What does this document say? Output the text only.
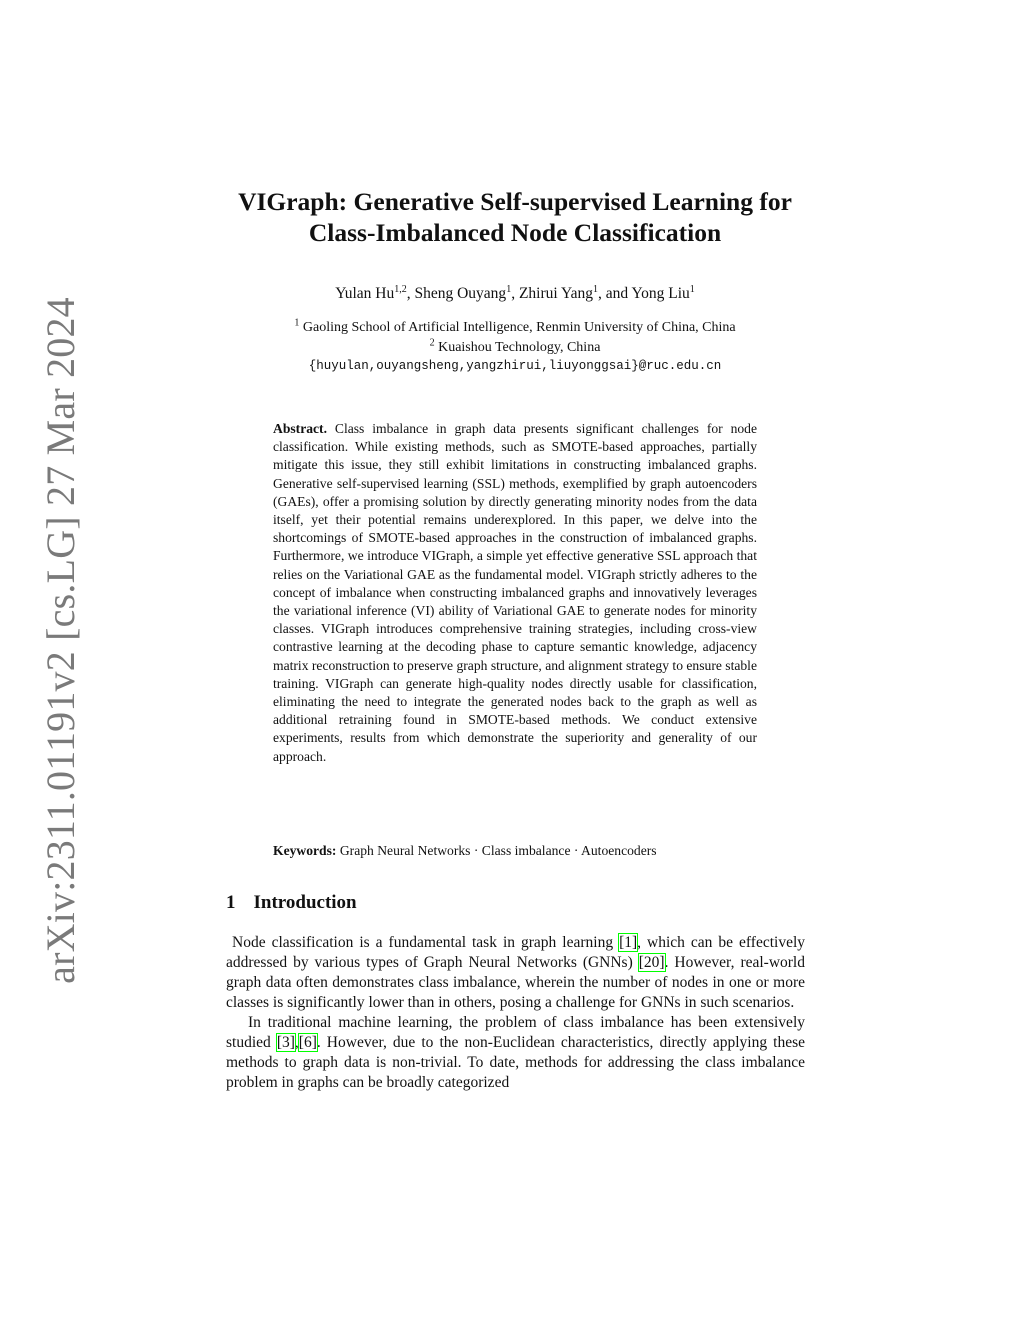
arXiv:2311.01191v2 [cs.LG] 27 Mar 2024
VIGraph: Generative Self-supervised Learning for
Class-Imbalanced Node Classification
Yulan Hu$^{1,2}$, Sheng Ouyang$^1$, Zhirui Yang$^1$, and Yong Liu$^1$
$^1$ Gaoling School of Artificial Intelligence, Renmin University of China, China
$^2$ Kuaishou Technology, China
{huyulan,ouyangsheng,yangzhirui,liuyonggsai}@ruc.edu.cn

Abstract. Class imbalance in graph data presents significant challenges for node classification. While existing methods, such as SMOTE-based approaches, partially mitigate this issue, they still exhibit limitations in constructing imbalanced graphs. Generative self-supervised learning (SSL) methods, exemplified by graph autoencoders (GAEs), offer a promising solution by directly generating minority nodes from the data itself, yet their potential remains underexplored. In this paper, we delve into the shortcomings of SMOTE-based approaches in the construction of imbalanced graphs. Furthermore, we introduce VIGraph, a simple yet effective generative SSL approach that relies on the Variational GAE as the fundamental model. VIGraph strictly adheres to the concept of imbalance when constructing imbalanced graphs and innovatively leverages the variational inference (VI) ability of Variational GAE to generate nodes for minority classes. VIGraph introduces comprehensive training strategies, including cross-view contrastive learning at the decoding phase to capture semantic knowledge, adjacency matrix reconstruction to preserve graph structure, and alignment strategy to ensure stable training. VIGraph can generate high-quality nodes directly usable for classification, eliminating the need to integrate the generated nodes back to the graph as well as additional retraining found in SMOTE-based methods. We conduct extensive experiments, results from which demonstrate the superiority and generality of our approach.

Keywords: Graph Neural Networks · Class imbalance · Autoencoders
1 Introduction

Node classification is a fundamental task in graph learning [1], which can be effectively addressed by various types of Graph Neural Networks (GNNs) [20]. However, real-world graph data often demonstrates class imbalance, wherein the number of nodes in one or more classes is significantly lower than in others, posing a challenge for GNNs in such scenarios.

In traditional machine learning, the problem of class imbalance has been extensively studied [3],[6]. However, due to the non-Euclidean characteristics, directly applying these methods to graph data is non-trivial. To date, methods for addressing the class imbalance problem in graphs can be broadly categorized
